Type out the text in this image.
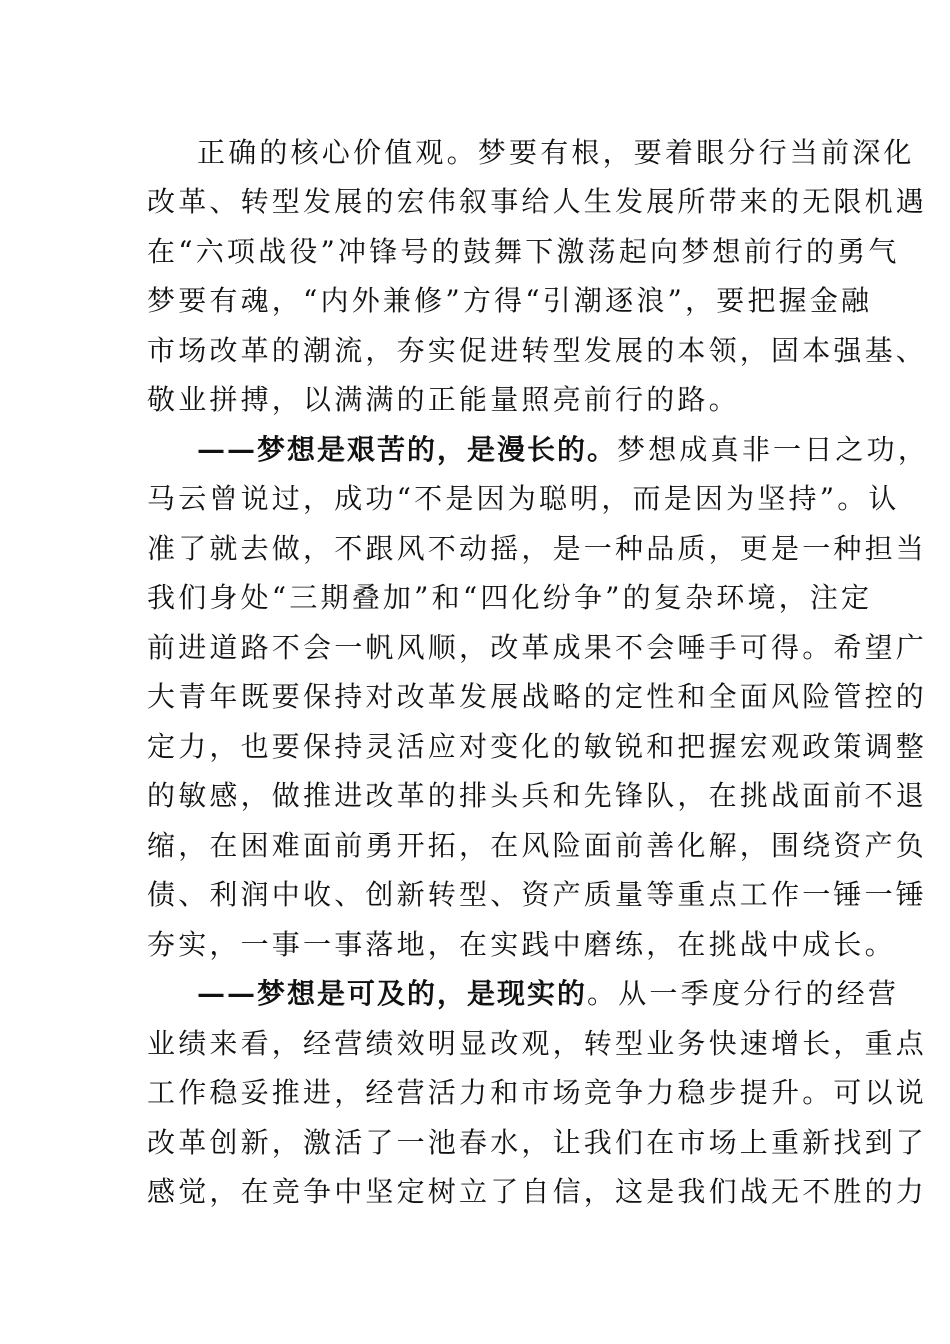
正确的核心价值观。梦要有根，要着眼分行当前深化
改革、转型发展的宏伟叙事给人生发展所带来的无限机遇
在“六项战役”冲锋号的鼓舞下激荡起向梦想前行的勇气
梦要有魂，“内外兼修”方得“引潮逐浪”，要把握金融
市场改革的潮流，夯实促进转型发展的本领，固本强基、
敬业拼搏，以满满的正能量照亮前行的路。
——梦想是艰苦的，是漫长的。梦想成真非一日之功，
马云曾说过，成功“不是因为聪明，而是因为坚持”。认
准了就去做，不跟风不动摇，是一种品质，更是一种担当
我们身处“三期叠加”和“四化纷争”的复杂环境，注定
前进道路不会一帆风顺，改革成果不会唾手可得。希望广
大青年既要保持对改革发展战略的定性和全面风险管控的
定力，也要保持灵活应对变化的敏锐和把握宏观政策调整
的敏感，做推进改革的排头兵和先锋队，在挑战面前不退
缩，在困难面前勇开拓，在风险面前善化解，围绕资产负
债、利润中收、创新转型、资产质量等重点工作一锤一锤
夯实，一事一事落地，在实践中磨练，在挑战中成长。
——梦想是可及的，是现实的。从一季度分行的经营
业绩来看，经营绩效明显改观，转型业务快速增长，重点
工作稳妥推进，经营活力和市场竞争力稳步提升。可以说
改革创新，激活了一池春水，让我们在市场上重新找到了
感觉，在竞争中坚定树立了自信，这是我们战无不胜的力
